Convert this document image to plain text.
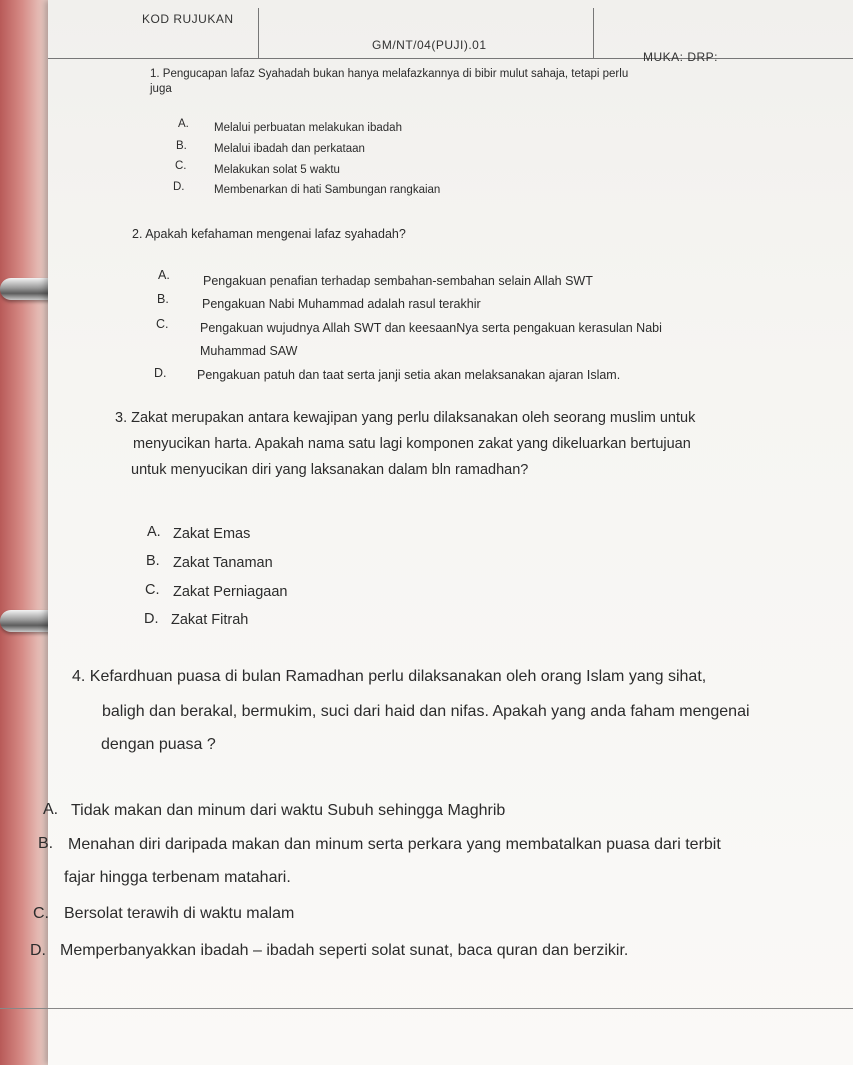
KOD RUJUKAN
GM/NT/04(PUJI).01
MUKA: DRP:
1. Pengucapan lafaz Syahadah bukan hanya melafazkannya di bibir mulut sahaja, tetapi perlu
juga
A. Melalui perbuatan melakukan ibadah
B. Melalui ibadah dan perkataan
C. Melakukan solat 5 waktu
D.	Membenarkan di hati Sambungan rangkaian
2. Apakah kefahaman mengenai lafaz syahadah?
A.	Pengakuan penafian terhadap sembahan-sembahan selain Allah SWT
B.	Pengakuan Nabi Muhammad adalah rasul terakhir
C.	Pengakuan wujudnya Allah SWT dan keesaanNya serta pengakuan kerasulan Nabi
Muhammad SAW
D. Pengakuan patuh dan taat serta janji setia akan melaksanakan ajaran Islam.
3. Zakat merupakan antara kewajipan yang perlu dilaksanakan oleh seorang muslim untuk
menyucikan harta. Apakah nama satu lagi komponen zakat yang dikeluarkan bertujuan
untuk menyucikan diri yang laksanakan dalam bln ramadhan?
A. Zakat Emas
B. Zakat Tanaman
C. Zakat Perniagaan
D. Zakat Fitrah
4. Kefardhuan puasa di bulan Ramadhan perlu dilaksanakan oleh orang Islam yang sihat,
baligh dan berakal, bermukim, suci dari haid dan nifas. Apakah yang anda faham mengenai
dengan puasa ?
A. Tidak makan dan minum dari waktu Subuh sehingga Maghrib
B. Menahan diri daripada makan dan minum serta perkara yang membatalkan puasa dari terbit
fajar hingga terbenam matahari.
C. Bersolat terawih di waktu malam
D. Memperbanyakkan ibadah – ibadah seperti solat sunat, baca quran dan berzikir.
